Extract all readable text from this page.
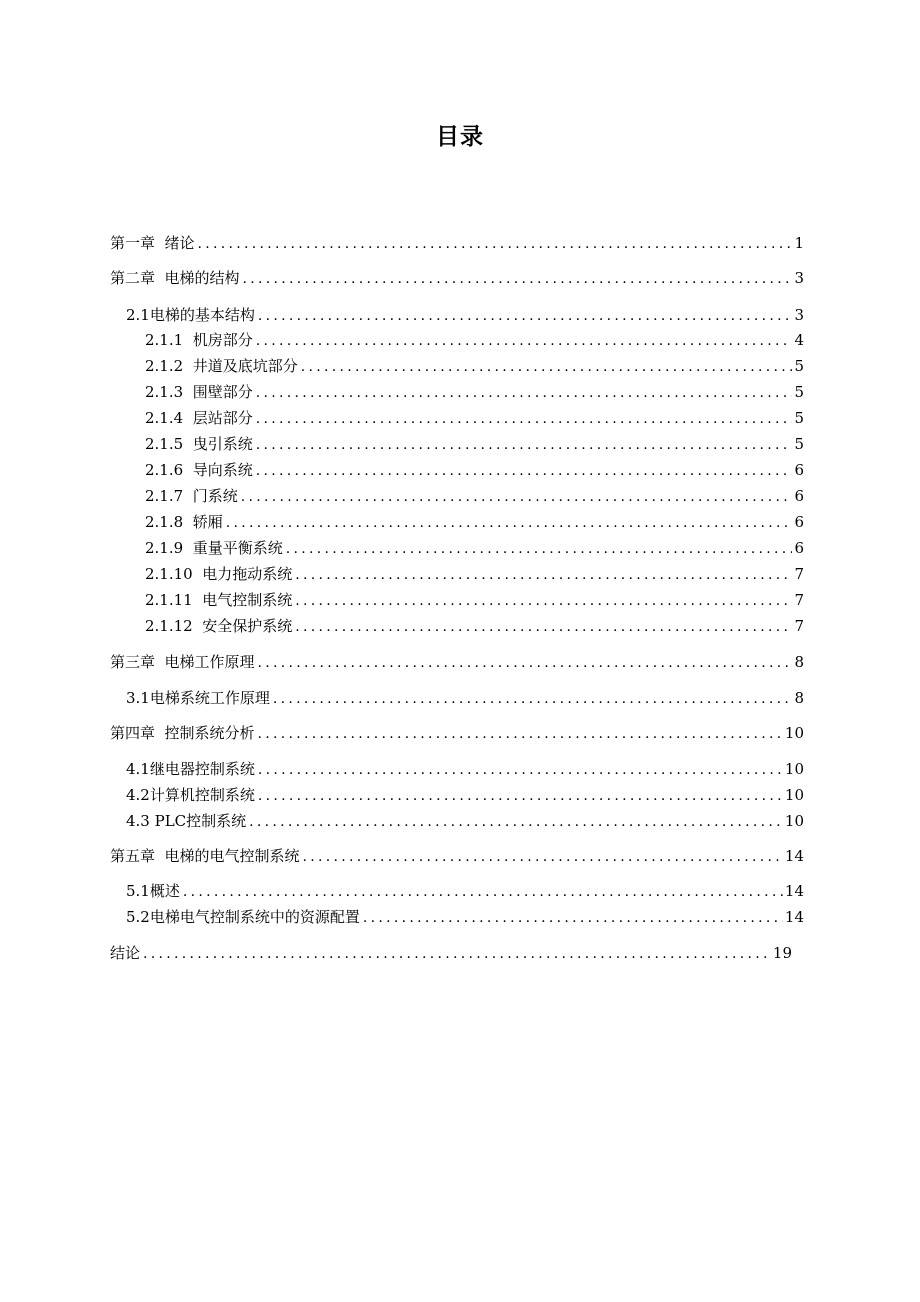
目录
第一章  绪论 .....	1
第二章  电梯的结构 .....	3
2.1电梯的基本结构 .....	3
2.1.1  机房部分 .....	4
2.1.2  井道及底坑部分 .....	5
2.1.3  围壁部分 .....	5
2.1.4  层站部分 .....	5
2.1.5  曳引系统 .....	5
2.1.6  导向系统 .....	6
2.1.7  门系统 .....	6
2.1.8  轿厢 .....	6
2.1.9  重量平衡系统 .....	6
2.1.10  电力拖动系统 .....	7
2.1.11  电气控制系统 .....	7
2.1.12  安全保护系统 .....	7
第三章  电梯工作原理 .....	8
3.1电梯系统工作原理 .....	8
第四章  控制系统分析 .....	10
4.1继电器控制系统 .....	10
4.2计算机控制系统 .....	10
4.3 PLC控制系统 .....	10
第五章  电梯的电气控制系统 .....	14
5.1概述 .....	14
5.2电梯电气控制系统中的资源配置 .....	14
结论 .....	19
